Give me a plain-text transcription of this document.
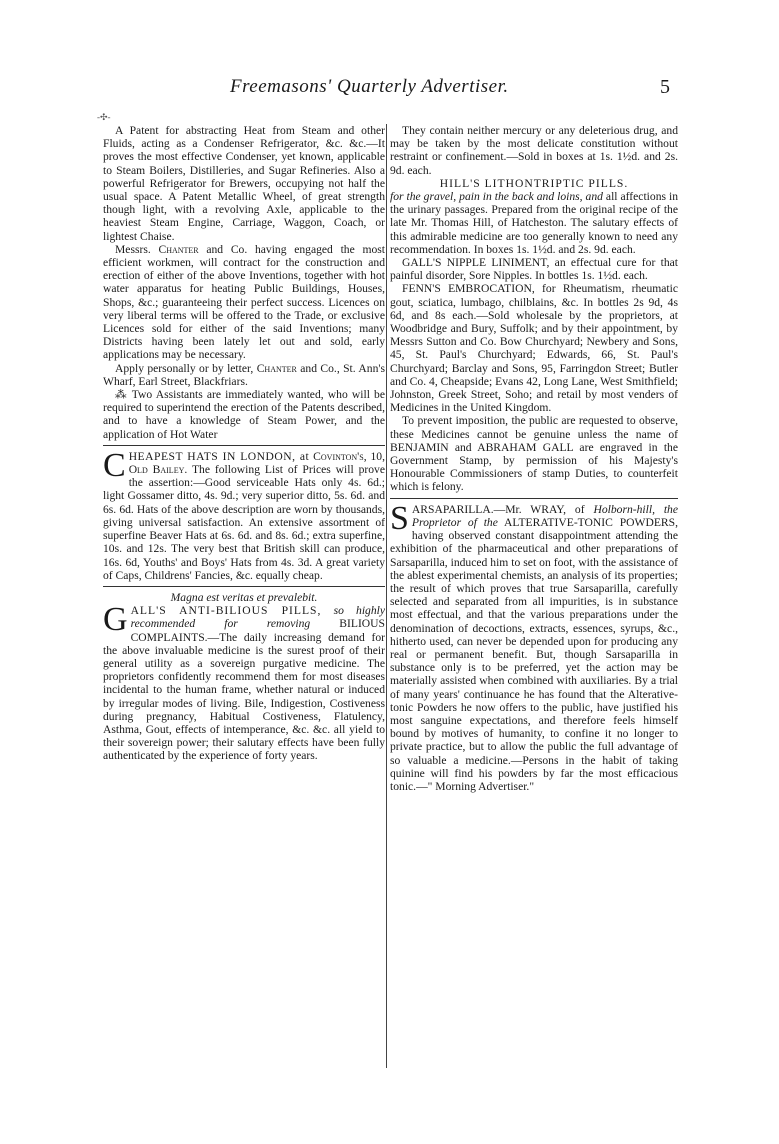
Freemasons' Quarterly Advertiser.	5
-✣-

A Patent for abstracting Heat from Steam and other Fluids, acting as a Condenser Refrigerator, &c. &c.—It proves the most effective Condenser, yet known, applicable to Steam Boilers, Distilleries, and Sugar Refineries. Also a powerful Refrigerator for Brewers, occupying not half the usual space. A Patent Metallic Wheel, of great strength though light, with a revolving Axle, applicable to the heaviest Steam Engine, Carriage, Waggon, Coach, or lightest Chaise.

Messrs. Chanter and Co. having engaged the most efficient workmen, will contract for the construction and erection of either of the above Inventions, together with hot water apparatus for heating Public Buildings, Houses, Shops, &c.; guaranteeing their perfect success. Licences on very liberal terms will be offered to the Trade, or exclusive Licences sold for either of the said Inventions; many Districts having been lately let out and sold, early applications may be necessary.

Apply personally or by letter, Chanter and Co., St. Ann's Wharf, Earl Street, Blackfriars.

⁂ Two Assistants are immediately wanted, who will be required to superintend the erection of the Patents described, and to have a knowledge of Steam Power, and the application of Hot Water

CHEAPEST HATS IN LONDON, at Covinton's, 10, Old Bailey. The following List of Prices will prove the assertion:—Good serviceable Hats only 4s. 6d.; light Gossamer ditto, 4s. 9d.; very superior ditto, 5s. 6d. and 6s. 6d. Hats of the above description are worn by thousands, giving universal satisfaction. An extensive assortment of superfine Beaver Hats at 6s. 6d. and 8s. 6d.; extra superfine, 10s. and 12s. The very best that British skill can produce, 16s. 6d, Youths' and Boys' Hats from 4s. 3d. A great variety of Caps, Childrens' Fancies, &c. equally cheap.

Magna est veritas et prevalebit.

GALL'S ANTI-BILIOUS PILLS, so highly recommended for removing	BILIOUS COMPLAINTS.—The daily increasing demand for the above invaluable medicine is the surest proof of their general utility as a sovereign purgative medicine. The proprietors confidently recommend them for most diseases incidental to the human frame, whether natural or induced by irregular modes of living. Bile, Indigestion, Costiveness during pregnancy, Habitual Costiveness, Flatulency, Asthma, Gout, effects of intemperance, &c. &c. all yield to their sovereign power; their salutary effects have been fully authenticated by the experience of forty years.

They contain neither mercury or any deleterious drug, and may be taken by the most delicate constitution without restraint or confinement.—Sold in boxes at 1s. 1½d. and 2s. 9d. each.

HILL'S LITHONTRIPTIC PILLS.

for the gravel, pain in the back and loins, and all affections in the urinary passages. Prepared from the original recipe of the late Mr. Thomas Hill, of Hatcheston. The salutary effects of this admirable medicine are too generally known to need any recommendation. In boxes 1s. 1½d. and 2s. 9d. each.

GALL'S NIPPLE LINIMENT, an effectual cure for that painful disorder, Sore Nipples. In bottles 1s. 1½d. each.

FENN'S EMBROCATION, for Rheumatism, rheumatic gout, sciatica, lumbago, chilblains, &c. In bottles 2s 9d, 4s 6d, and 8s each.—Sold wholesale by the proprietors, at Woodbridge and Bury, Suffolk; and by their appointment, by Messrs Sutton and Co. Bow Churchyard; Newbery and Sons, 45, St. Paul's Churchyard; Edwards, 66, St. Paul's Churchyard; Barclay and Sons, 95, Farringdon Street; Butler and Co. 4, Cheapside; Evans 42, Long Lane, West Smithfield; Johnston, Greek Street, Soho; and retail by most venders of Medicines in the United Kingdom.

To prevent imposition, the public are requested to observe, these Medicines cannot be genuine unless the name of BENJAMIN and ABRAHAM GALL are engraved in the Government Stamp, by permission of his Majesty's Honourable Commissioners of stamp Duties, to counterfeit which is felony.

SARSAPARILLA.—Mr. WRAY, of Holborn-hill, the Proprietor of the ALTERATIVE-TONIC POWDERS, having observed constant disappointment attending the exhibition of the pharmaceutical and other preparations of Sarsaparilla, induced him to set on foot, with the assistance of the ablest experimental chemists, an analysis of its properties; the result of which proves that true Sarsaparilla, carefully selected and separated from all impurities, is in substance most effectual, and that the various preparations under the denomination of decoctions, extracts, essences, syrups, &c., hitherto used, can never be depended upon for producing any real or permanent benefit. But, though Sarsaparilla in substance only is to be preferred, yet the action may be materially assisted when combined with auxiliaries. By a trial of many years' continuance he has found that the Alterative-tonic Powders he now offers to the public, have justified his most sanguine expectations, and therefore feels himself bound by motives of humanity, to confine it no longer to private practice, but to allow the public the full advantage of so valuable a medicine.—Persons in the habit of taking quinine will find his powders by far the most efficacious tonic.—" Morning Advertiser."
